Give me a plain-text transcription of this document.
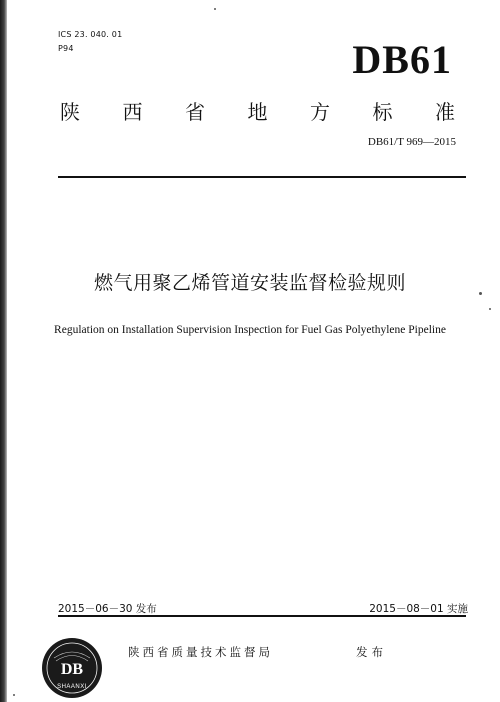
ICS 23. 040. 01
P94	DB61
陕 西 省 地 方 标 准
DB61/T 969—2015
燃气用聚乙烯管道安装监督检验规则
Regulation on Installation Supervision Inspection for Fuel Gas Polyethylene Pipeline
2015－06－30 发布	2015－08－01 实施
DB
SHAANXI
陕西省质量技术监督局	发布
